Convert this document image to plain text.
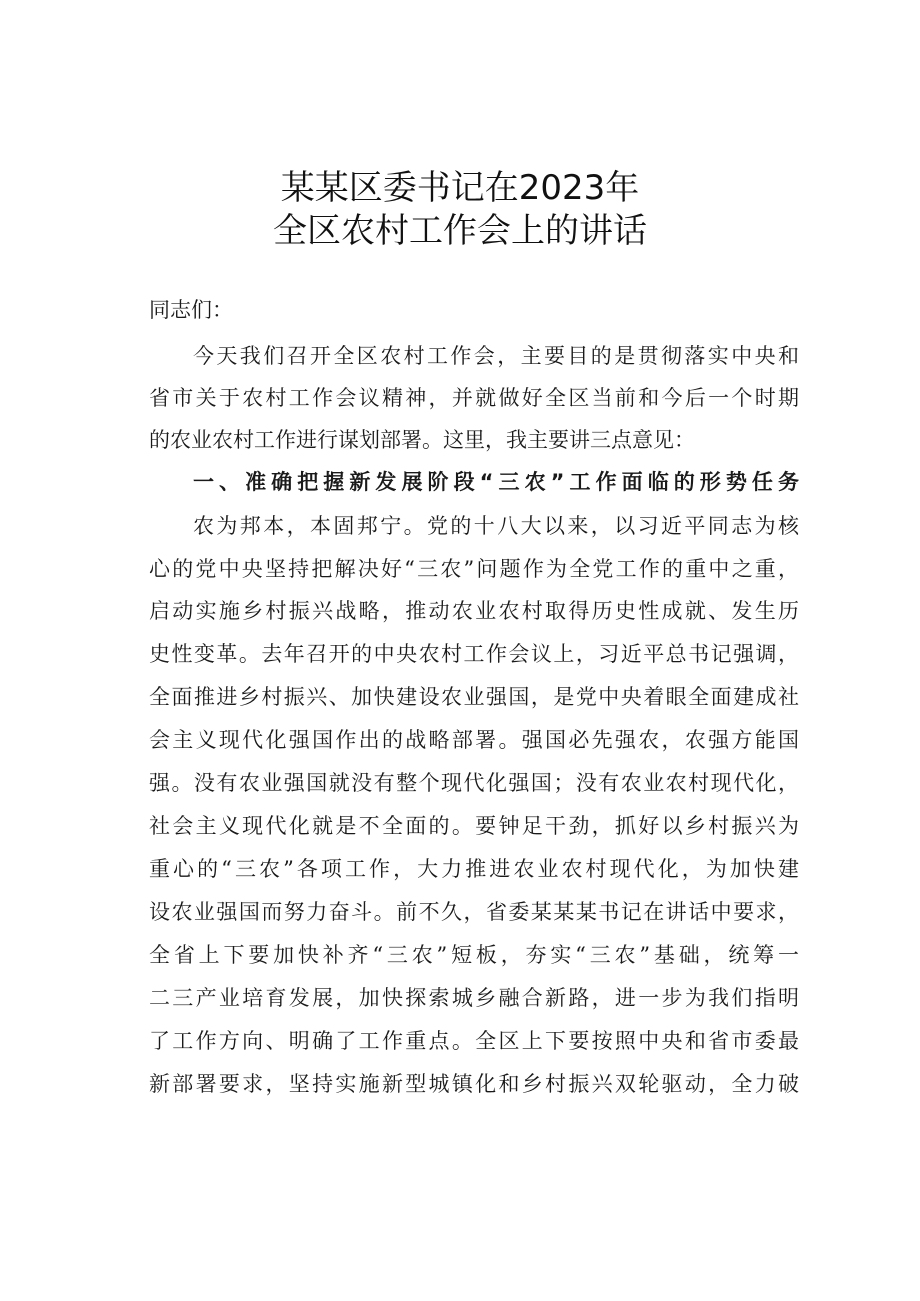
某某区委书记在2023年
全区农村工作会上的讲话
同志们：
今天我们召开全区农村工作会，主要目的是贯彻落实中央和
省市关于农村工作会议精神，并就做好全区当前和今后一个时期
的农业农村工作进行谋划部署。这里，我主要讲三点意见：
一、准确把握新发展阶段“三农”工作面临的形势任务
农为邦本，本固邦宁。党的十八大以来，以习近平同志为核
心的党中央坚持把解决好“三农”问题作为全党工作的重中之重，
启动实施乡村振兴战略，推动农业农村取得历史性成就、发生历
史性变革。去年召开的中央农村工作会议上，习近平总书记强调，
全面推进乡村振兴、加快建设农业强国，是党中央着眼全面建成社
会主义现代化强国作出的战略部署。强国必先强农，农强方能国
强。没有农业强国就没有整个现代化强国；没有农业农村现代化，
社会主义现代化就是不全面的。要钟足干劲，抓好以乡村振兴为
重心的“三农”各项工作，大力推进农业农村现代化，为加快建
设农业强国而努力奋斗。前不久，省委某某某书记在讲话中要求，
全省上下要加快补齐“三农”短板，夯实“三农”基础，统筹一
二三产业培育发展，加快探索城乡融合新路，进一步为我们指明
了工作方向、明确了工作重点。全区上下要按照中央和省市委最
新部署要求，坚持实施新型城镇化和乡村振兴双轮驱动，全力破
